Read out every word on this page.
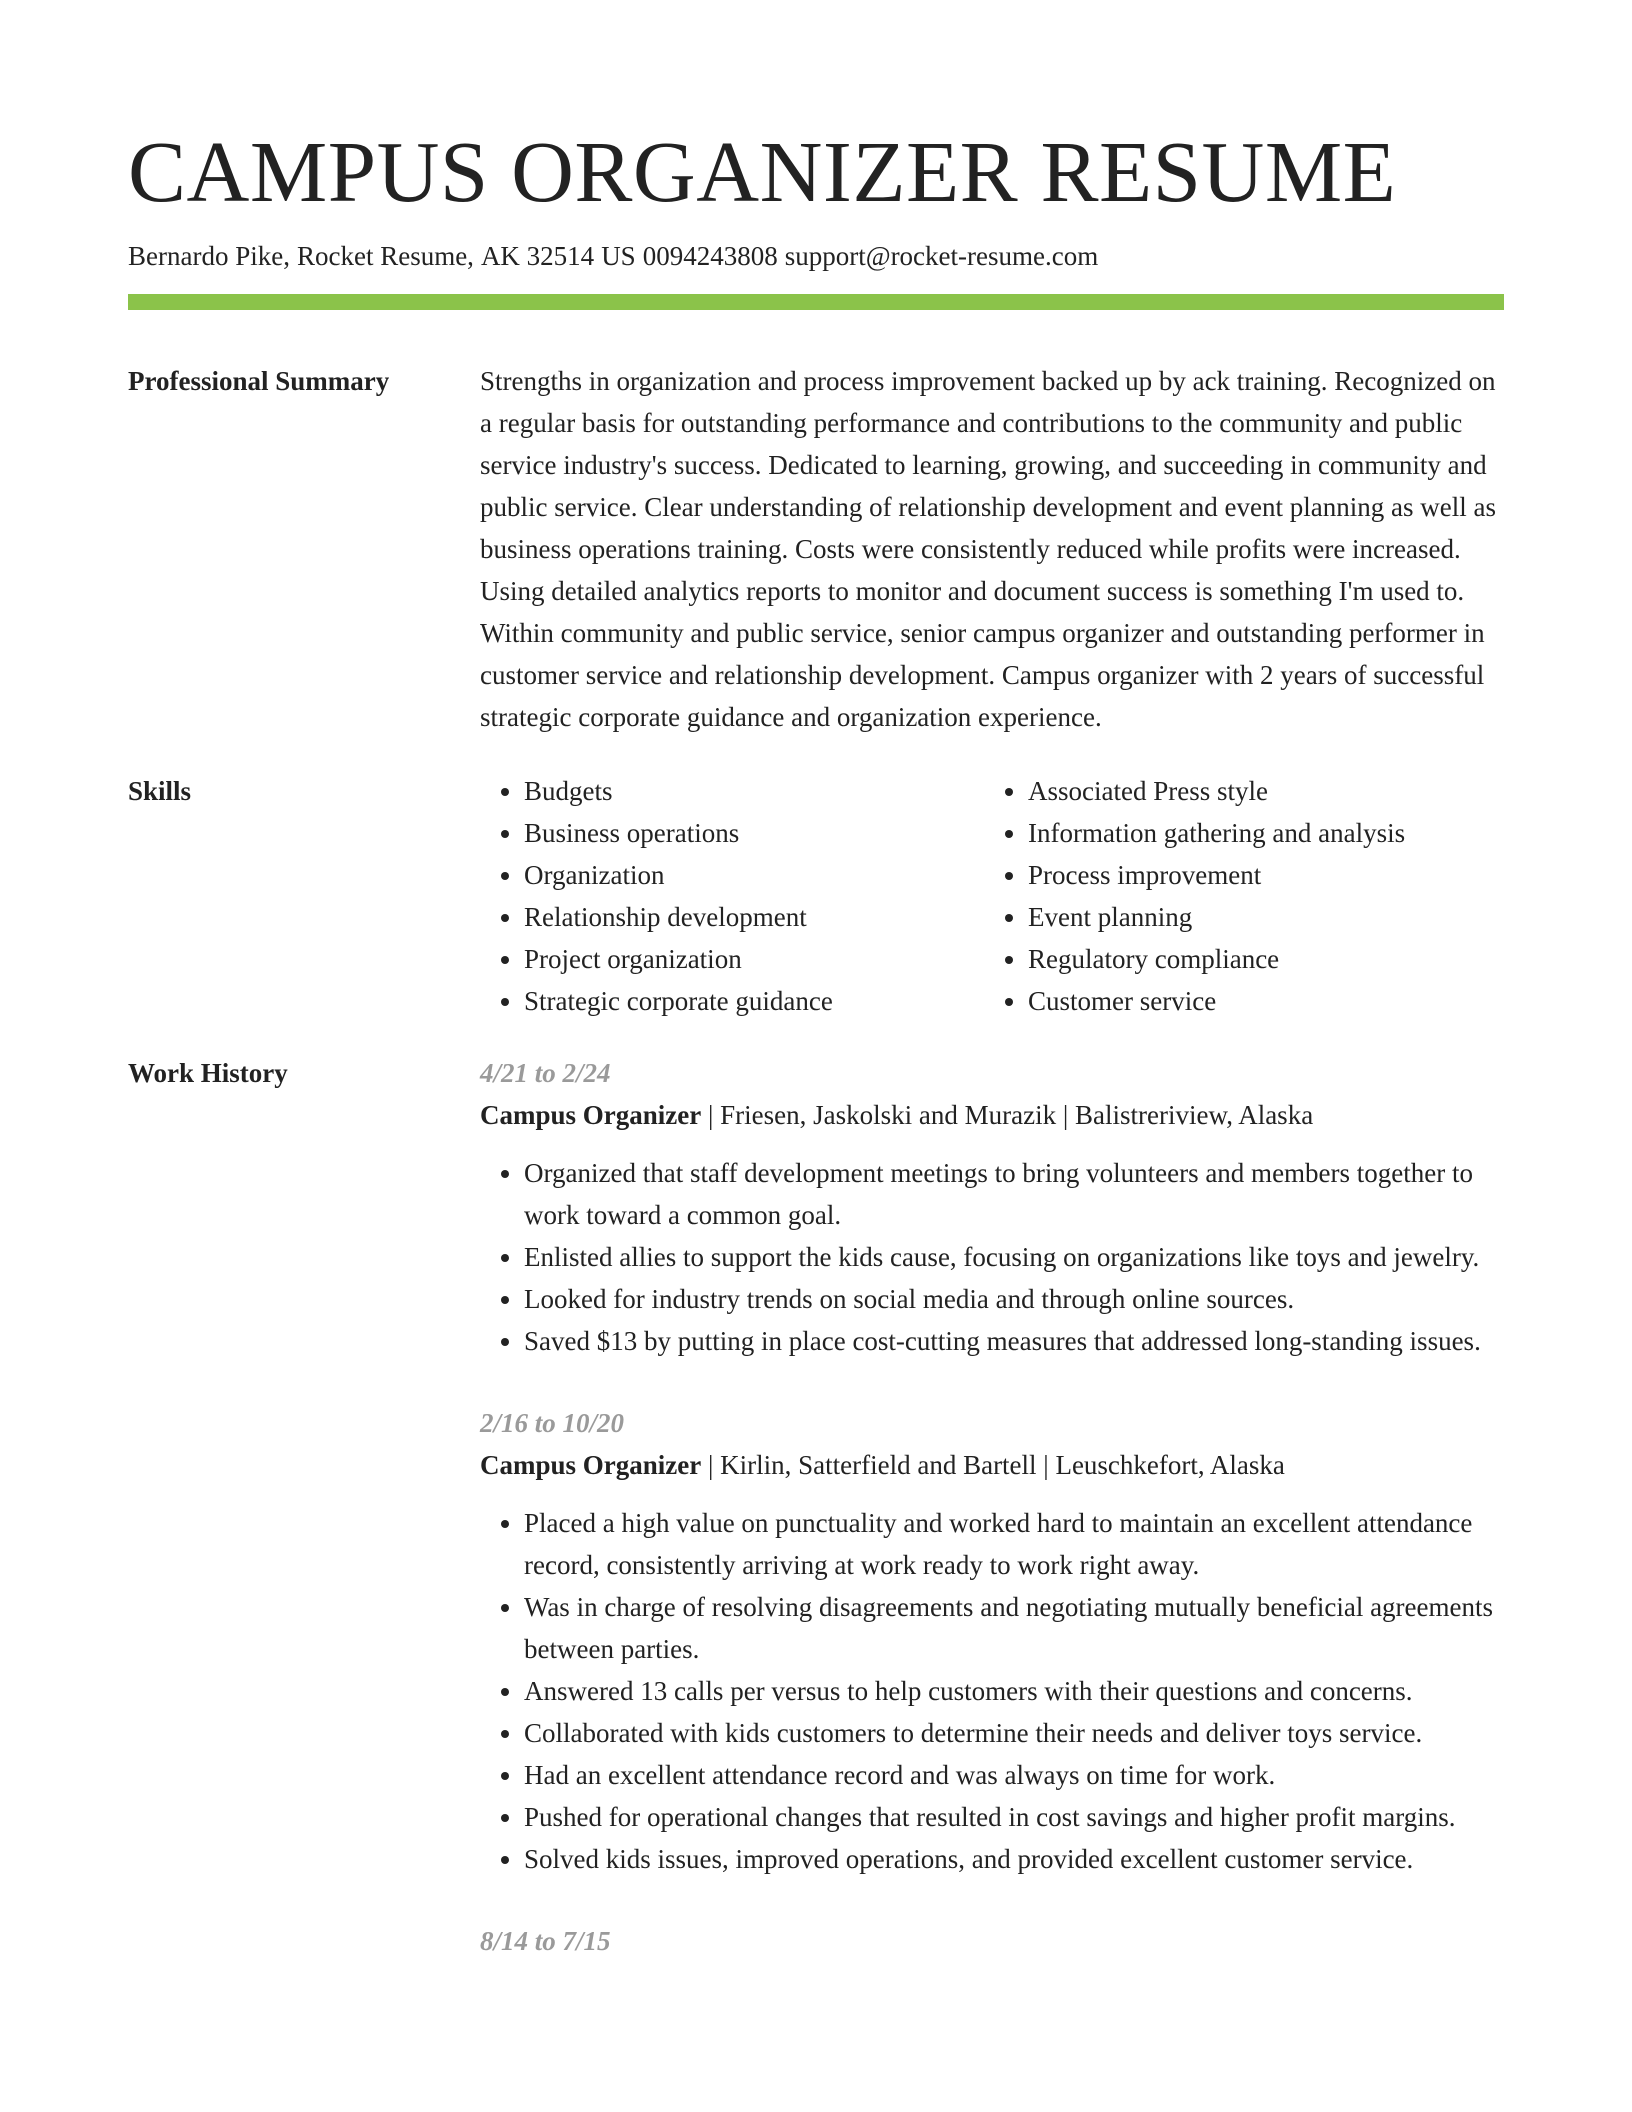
CAMPUS ORGANIZER RESUME
Bernardo Pike, Rocket Resume, AK 32514 US 0094243808 support@rocket-resume.com
Professional Summary	Strengths in organization and process improvement backed up by ack training. Recognized on a regular basis for outstanding performance and contributions to the community and public service industry's success. Dedicated to learning, growing, and succeeding in community and public service. Clear understanding of relationship development and event planning as well as business operations training. Costs were consistently reduced while profits were increased. Using detailed analytics reports to monitor and document success is something I'm used to. Within community and public service, senior campus organizer and outstanding performer in customer service and relationship development. Campus organizer with 2 years of successful strategic corporate guidance and organization experience.
Skills
•	Budgets
• Business operations
• Organization
• Relationship development
• Project organization
• Strategic corporate guidance
• Associated Press style
• Information gathering and analysis
• Process improvement
• Event planning
• Regulatory compliance
• Customer service
Work History	4/21 to 2/24
Campus Organizer | Friesen, Jaskolski and Murazik | Balistreriview, Alaska
• Organized that staff development meetings to bring volunteers and members together to work toward a common goal.
• Enlisted allies to support the kids cause, focusing on organizations like toys and jewelry.
• Looked for industry trends on social media and through online sources.
• Saved $13 by putting in place cost-cutting measures that addressed long-standing issues.
2/16 to 10/20
Campus Organizer | Kirlin, Satterfield and Bartell | Leuschkefort, Alaska
• Placed a high value on punctuality and worked hard to maintain an excellent attendance record, consistently arriving at work ready to work right away.
• Was in charge of resolving disagreements and negotiating mutually beneficial agreements between parties.
• Answered 13 calls per versus to help customers with their questions and concerns.
• Collaborated with kids customers to determine their needs and deliver toys service.
• Had an excellent attendance record and was always on time for work.
• Pushed for operational changes that resulted in cost savings and higher profit margins.
• Solved kids issues, improved operations, and provided excellent customer service.
8/14 to 7/15
